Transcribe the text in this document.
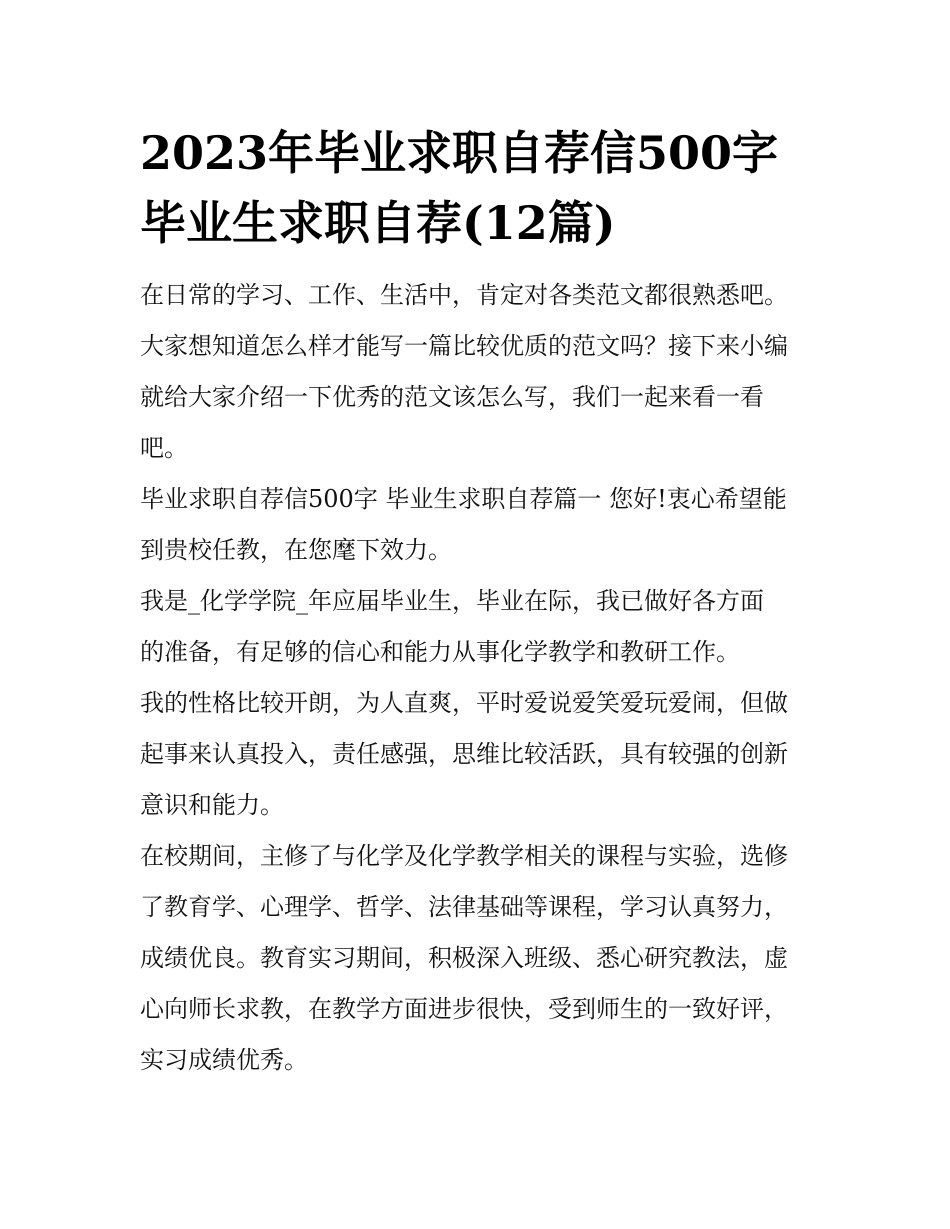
2023年毕业求职自荐信500字
毕业生求职自荐(12篇)

在日常的学习、工作、生活中，肯定对各类范文都很熟悉吧。
大家想知道怎么样才能写一篇比较优质的范文吗？接下来小编
就给大家介绍一下优秀的范文该怎么写，我们一起来看一看
吧。

毕业求职自荐信500字 毕业生求职自荐篇一 您好!衷心希望能
到贵校任教，在您麾下效力。

我是_化学学院_年应届毕业生，毕业在际，我已做好各方面
的准备，有足够的信心和能力从事化学教学和教研工作。

我的性格比较开朗，为人直爽，平时爱说爱笑爱玩爱闹，但做
起事来认真投入，责任感强，思维比较活跃，具有较强的创新
意识和能力。

在校期间，主修了与化学及化学教学相关的课程与实验，选修
了教育学、心理学、哲学、法律基础等课程，学习认真努力，
成绩优良。教育实习期间，积极深入班级、悉心研究教法，虚
心向师长求教，在教学方面进步很快，受到师生的一致好评，
实习成绩优秀。
